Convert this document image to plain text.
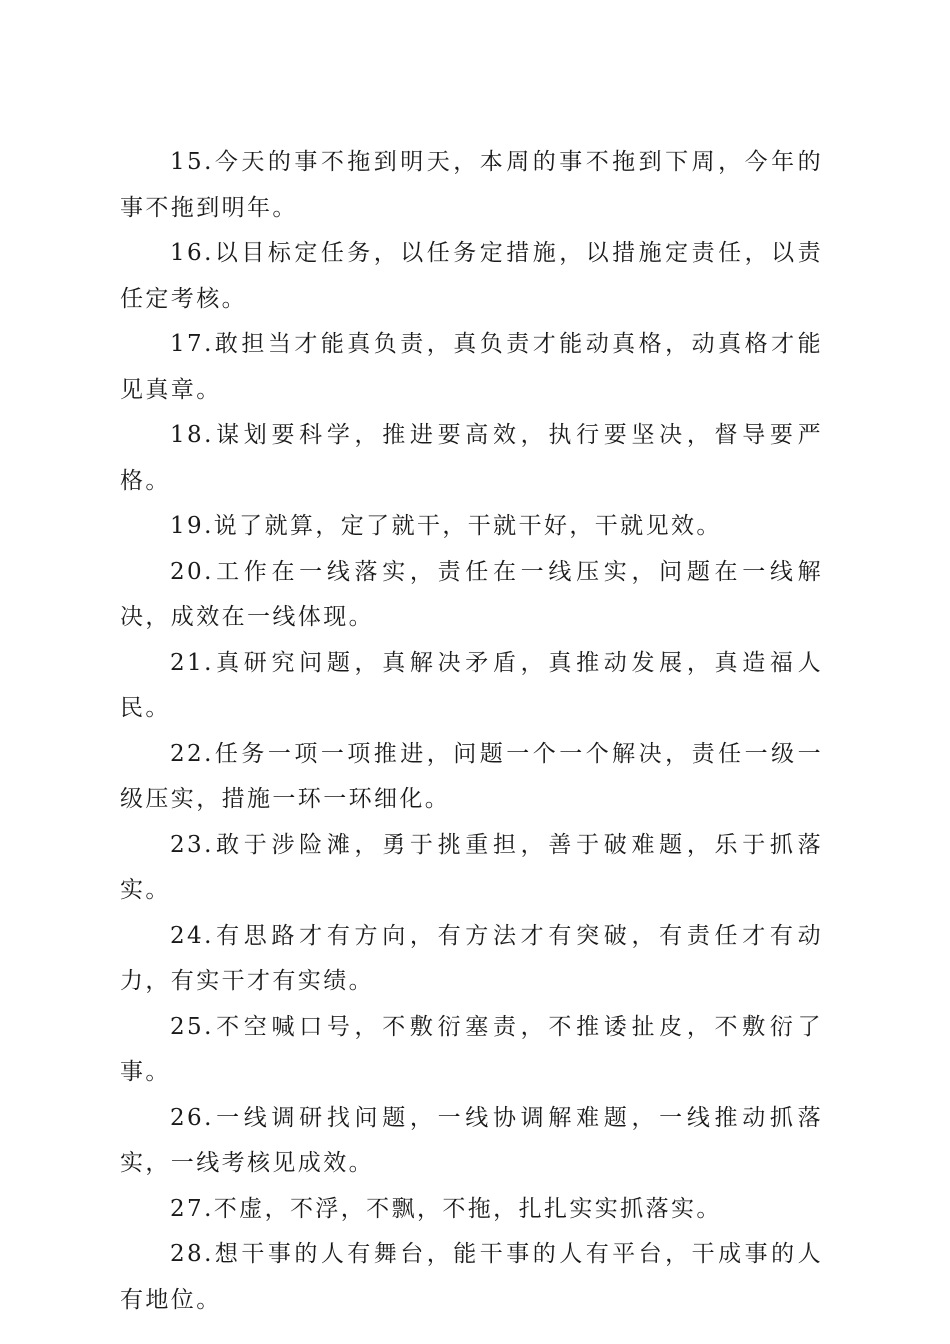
15.今天的事不拖到明天，本周的事不拖到下周，今年的事不拖到明年。

16.以目标定任务，以任务定措施，以措施定责任，以责任定考核。

17.敢担当才能真负责，真负责才能动真格，动真格才能见真章。

18.谋划要科学，推进要高效，执行要坚决，督导要严格。

19.说了就算，定了就干，干就干好，干就见效。

20.工作在一线落实，责任在一线压实，问题在一线解决，成效在一线体现。

21.真研究问题，真解决矛盾，真推动发展，真造福人民。

22.任务一项一项推进，问题一个一个解决，责任一级一级压实，措施一环一环细化。

23.敢于涉险滩，勇于挑重担，善于破难题，乐于抓落实。

24.有思路才有方向，有方法才有突破，有责任才有动力，有实干才有实绩。

25.不空喊口号，不敷衍塞责，不推诿扯皮，不敷衍了事。

26.一线调研找问题，一线协调解难题，一线推动抓落实，一线考核见成效。

27.不虚，不浮，不飘，不拖，扎扎实实抓落实。

28.想干事的人有舞台，能干事的人有平台，干成事的人有地位。
